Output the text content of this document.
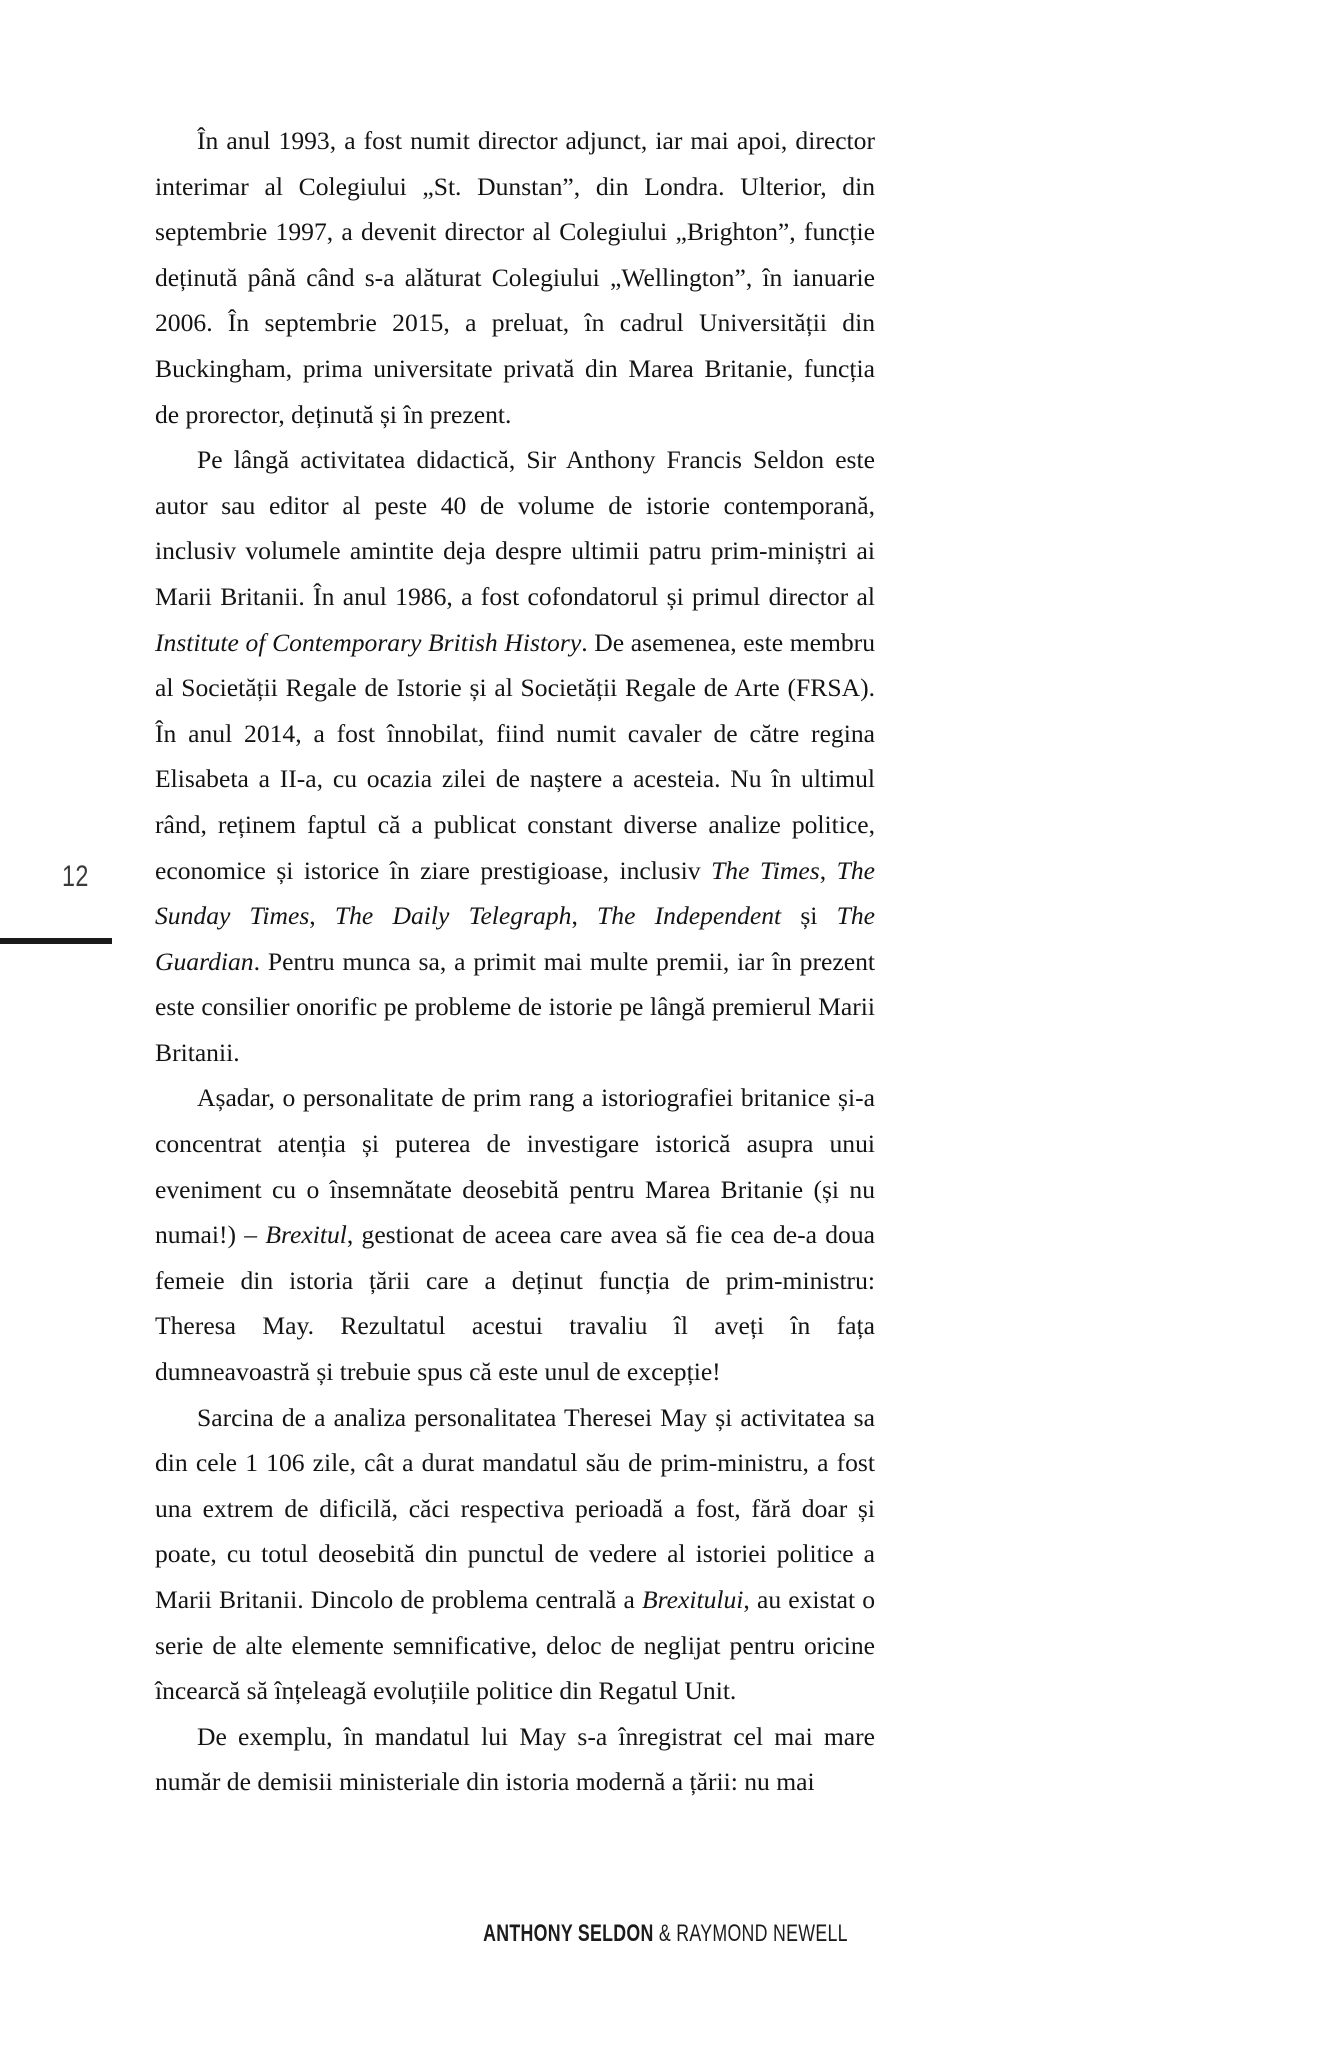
12

În anul 1993, a fost numit director adjunct, iar mai apoi, director interimar al Colegiului „St. Dunstan”, din Londra. Ulterior, din septembrie 1997, a devenit director al Colegiului „Brighton”, funcție deținută până când s-a alăturat Colegiului „Wellington”, în ianuarie 2006. În septembrie 2015, a preluat, în cadrul Universității din Buckingham, prima universitate privată din Marea Britanie, funcția de prorector, deținută și în prezent.

Pe lângă activitatea didactică, Sir Anthony Francis Seldon este autor sau editor al peste 40 de volume de istorie contemporană, inclusiv volumele amintite deja despre ultimii patru prim-miniștri ai Marii Britanii. În anul 1986, a fost cofondatorul și primul director al Institute of Contemporary British History. De asemenea, este membru al Societății Regale de Istorie și al Societății Regale de Arte (FRSA). În anul 2014, a fost înnobilat, fiind numit cavaler de către regina Elisabeta a II-a, cu ocazia zilei de naștere a acesteia. Nu în ultimul rând, reținem faptul că a publicat constant diverse analize politice, economice și istorice în ziare prestigioase, inclusiv The Times, The Sunday Times, The Daily Telegraph, The Independent și The Guardian. Pentru munca sa, a primit mai multe premii, iar în prezent este consilier onorific pe probleme de istorie pe lângă premierul Marii Britanii.

Așadar, o personalitate de prim rang a istoriografiei britanice și-a concentrat atenția și puterea de investigare istorică asupra unui eveniment cu o însemnătate deosebită pentru Marea Britanie (și nu numai!) – Brexitul, gestionat de aceea care avea să fie cea de-a doua femeie din istoria țării care a deținut funcția de prim-ministru: Theresa May. Rezultatul acestui travaliu îl aveți în fața dumneavoastră și trebuie spus că este unul de excepție!

Sarcina de a analiza personalitatea Theresei May și activitatea sa din cele 1 106 zile, cât a durat mandatul său de prim-ministru, a fost una extrem de dificilă, căci respectiva perioadă a fost, fără doar și poate, cu totul deosebită din punctul de vedere al istoriei politice a Marii Britanii. Dincolo de problema centrală a Brexitului, au existat o serie de alte elemente semnificative, deloc de neglijat pentru oricine încearcă să înțeleagă evoluțiile politice din Regatul Unit.

De exemplu, în mandatul lui May s-a înregistrat cel mai mare număr de demisii ministeriale din istoria modernă a țării: nu mai

ANTHONY SELDON & RAYMOND NEWELL
